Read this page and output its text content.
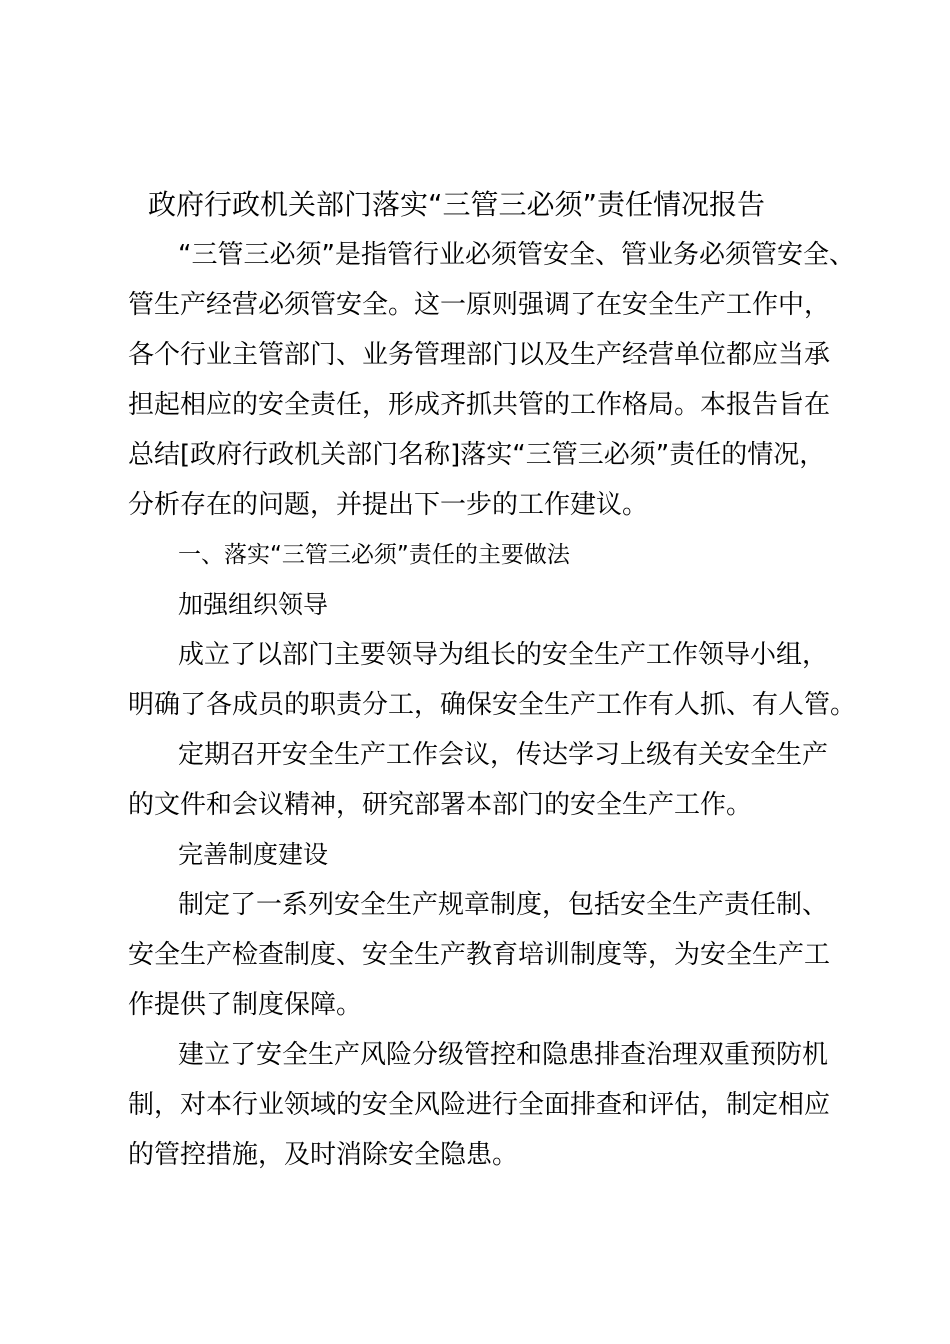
政府行政机关部门落实“三管三必须”责任情况报告
“三管三必须”是指管行业必须管安全、管业务必须管安全、
管生产经营必须管安全。这一原则强调了在安全生产工作中，
各个行业主管部门、业务管理部门以及生产经营单位都应当承
担起相应的安全责任，形成齐抓共管的工作格局。本报告旨在
总结[政府行政机关部门名称]落实“三管三必须”责任的情况，
分析存在的问题，并提出下一步的工作建议。
一、落实“三管三必须”责任的主要做法
加强组织领导
成立了以部门主要领导为组长的安全生产工作领导小组，
明确了各成员的职责分工，确保安全生产工作有人抓、有人管。
定期召开安全生产工作会议，传达学习上级有关安全生产
的文件和会议精神，研究部署本部门的安全生产工作。
完善制度建设
制定了一系列安全生产规章制度，包括安全生产责任制、
安全生产检查制度、安全生产教育培训制度等，为安全生产工
作提供了制度保障。
建立了安全生产风险分级管控和隐患排查治理双重预防机
制，对本行业领域的安全风险进行全面排查和评估，制定相应
的管控措施，及时消除安全隐患。
